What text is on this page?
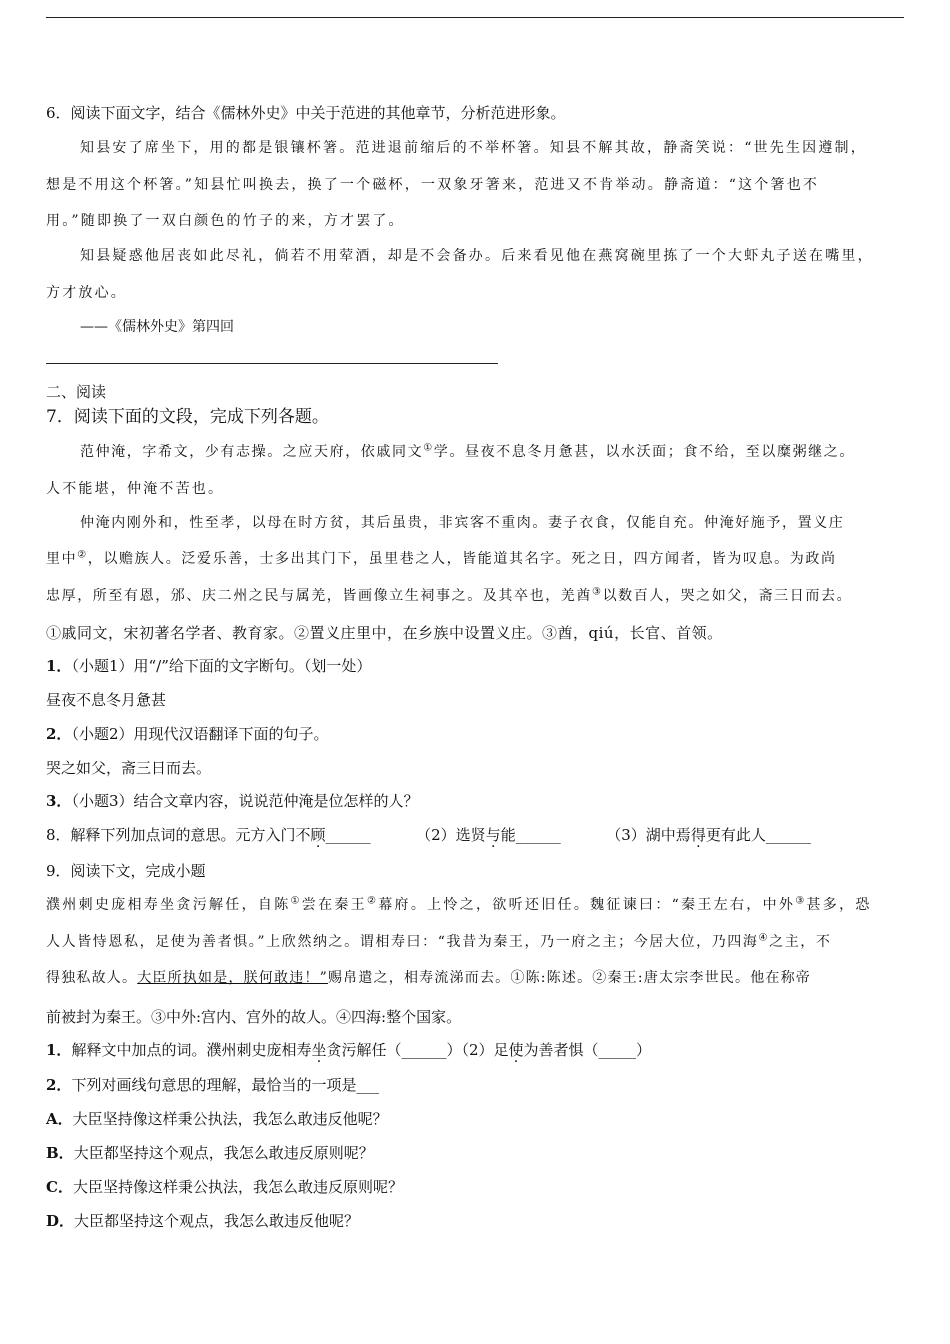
6．阅读下面文字，结合《儒林外史》中关于范进的其他章节，分析范进形象。
知县安了席坐下，用的都是银镶杯箸。范进退前缩后的不举杯箸。知县不解其故，静斋笑说：“世先生因遵制，
想是不用这个杯箸。”知县忙叫换去，换了一个磁杯，一双象牙箸来，范进又不肯举动。静斋道：“这个箸也不
用。”随即换了一双白颜色的竹子的来，方才罢了。
知县疑惑他居丧如此尽礼，倘若不用荤酒，却是不会备办。后来看见他在燕窝碗里拣了一个大虾丸子送在嘴里，
方才放心。
——《儒林外史》第四回
二、阅读
7．阅读下面的文段，完成下列各题。
范仲淹，字希文，少有志操。之应天府，依戚同文①学。昼夜不息冬月惫甚，以水沃面；食不给，至以糜粥继之。
人不能堪，仲淹不苦也。
仲淹内刚外和，性至孝，以母在时方贫，其后虽贵，非宾客不重肉。妻子衣食，仅能自充。仲淹好施予，置义庄
里中②，以赡族人。泛爱乐善，士多出其门下，虽里巷之人，皆能道其名字。死之日，四方闻者，皆为叹息。为政尚
忠厚，所至有恩，邠、庆二州之民与属羌，皆画像立生祠事之。及其卒也，羌酋③以数百人，哭之如父，斋三日而去。
①戚同文，宋初著名学者、教育家。②置义庄里中，在乡族中设置义庄。③酋，qiú，长官、首领。
1．（小题1）用“/”给下面的文字断句。（划一处）
昼夜不息冬月惫甚
2．（小题2）用现代汉语翻译下面的句子。
哭之如父，斋三日而去。
3．（小题3）结合文章内容，说说范仲淹是位怎样的人？
8．解释下列加点词的意思。元方入门不顾______	（2）选贤与能______	（3）湖中焉得更有此人______
9．阅读下文，完成小题
濮州刺史庞相寿坐贪污解任，自陈①尝在秦王②幕府。上怜之，欲听还旧任。魏征谏曰：“秦王左右，中外③甚多，恐
人人皆恃恩私，足使为善者惧。”上欣然纳之。谓相寿曰：“我昔为秦王，乃一府之主；今居大位，乃四海④之主，不
得独私故人。大臣所执如是，朕何敢违！”赐帛遣之，相寿流涕而去。①陈:陈述。②秦王:唐太宗李世民。他在称帝
前被封为秦王。③中外:宫内、宫外的故人。④四海:整个国家。
1．解释文中加点的词。濮州刺史庞相寿坐贪污解任（______）（2）足使为善者惧（_____）
2．下列对画线句意思的理解，最恰当的一项是___
A．大臣坚持像这样秉公执法，我怎么敢违反他呢？
B．大臣都坚持这个观点，我怎么敢违反原则呢？
C．大臣坚持像这样秉公执法，我怎么敢违反原则呢？
D．大臣都坚持这个观点，我怎么敢违反他呢？
